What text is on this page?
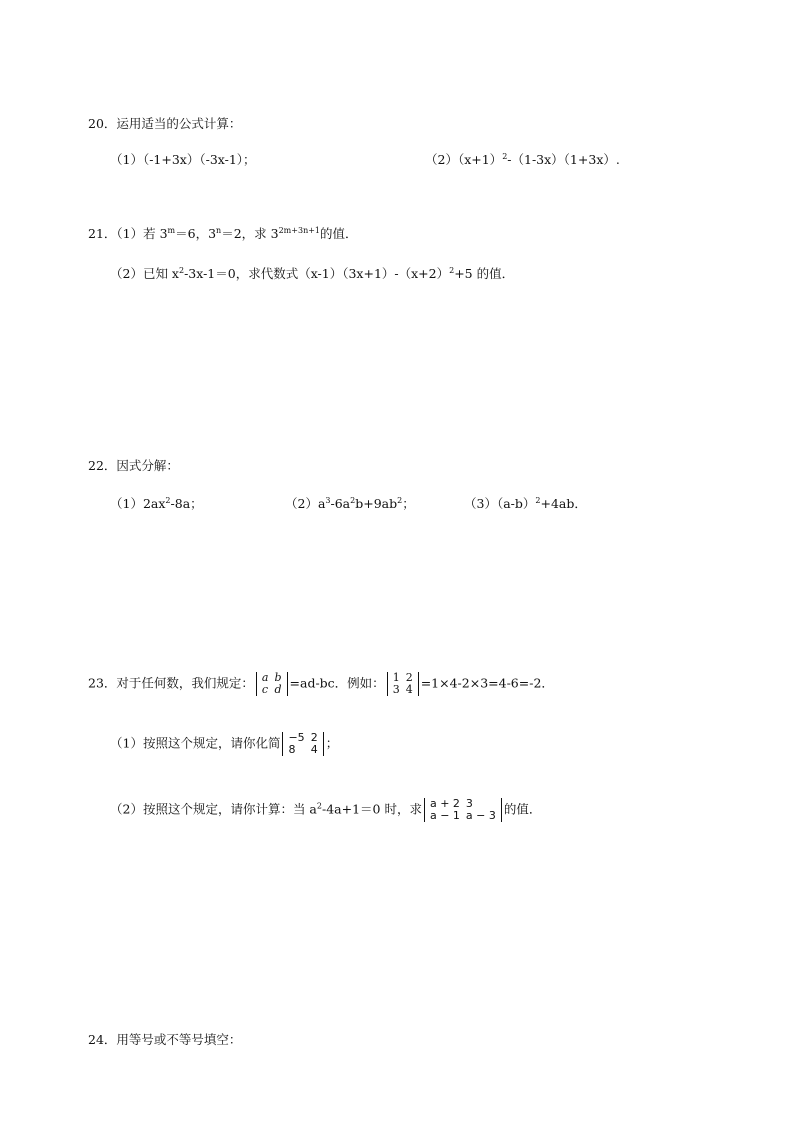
20．运用适当的公式计算：
（1）（-1+3x）（-3x-1）；	$(2)(x+1)^2-(1-3x)(1+3x)$.
21．（1）若 $3^m=6$，$3^n=2$，求 $3^{2m+3n+1}$的值．
（2）已知 $x^2-3x-1=0$，求代数式$(x-1)(3x+1)-(x+2)^2+5$ 的值．
22．因式分解：
$(1)2ax^2-8a$；	$(2)a^3-6a^2b+9ab^2$；	$(3)(a-b)^2+4ab$．
23．对于任何数，我们规定： a	b
c	d =ad-bc．例如： 1	2
3	4 =1×4-2×3=4-6=-2．
（1）按照这个规定，请你化简 −5	2
8	4 ；
（2）按照这个规定，请你计算：当 $a^2-4a+1=0$ 时，求 a + 2	3
a − 1	a − 3 的值．
24．用等号或不等号填空：
